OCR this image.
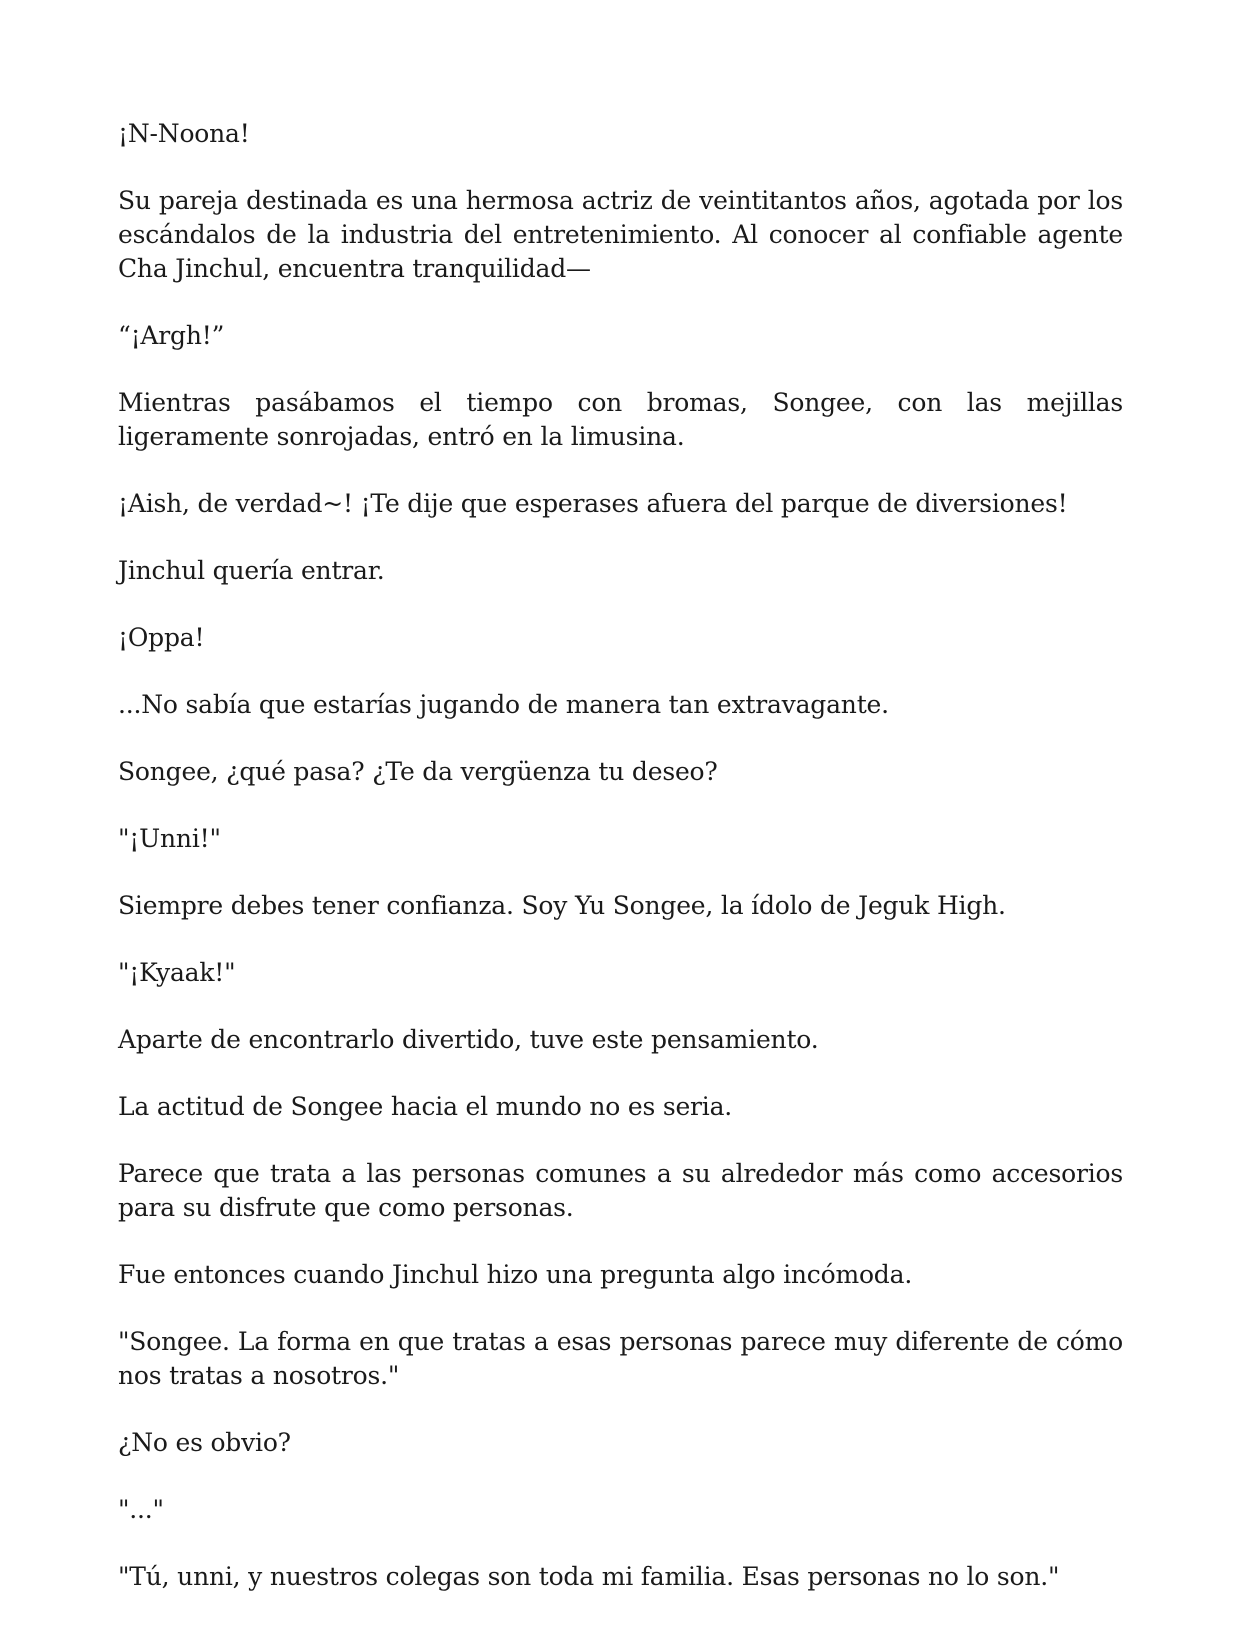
¡N-Noona!

Su pareja destinada es una hermosa actriz de veintitantos años, agotada por los escándalos de la industria del entretenimiento. Al conocer al confiable agente Cha Jinchul, encuentra tranquilidad—

“¡Argh!”

Mientras pasábamos el tiempo con bromas, Songee, con las mejillas ligeramente sonrojadas, entró en la limusina.

¡Aish, de verdad~! ¡Te dije que esperases afuera del parque de diversiones!

Jinchul quería entrar.

¡Oppa!

...No sabía que estarías jugando de manera tan extravagante.

Songee, ¿qué pasa? ¿Te da vergüenza tu deseo?

"¡Unni!"

Siempre debes tener confianza. Soy Yu Songee, la ídolo de Jeguk High.

"¡Kyaak!"

Aparte de encontrarlo divertido, tuve este pensamiento.

La actitud de Songee hacia el mundo no es seria.

Parece que trata a las personas comunes a su alrededor más como accesorios para su disfrute que como personas.

Fue entonces cuando Jinchul hizo una pregunta algo incómoda.

"Songee. La forma en que tratas a esas personas parece muy diferente de cómo nos tratas a nosotros."

¿No es obvio?

"..."

"Tú, unni, y nuestros colegas son toda mi familia. Esas personas no lo son."
